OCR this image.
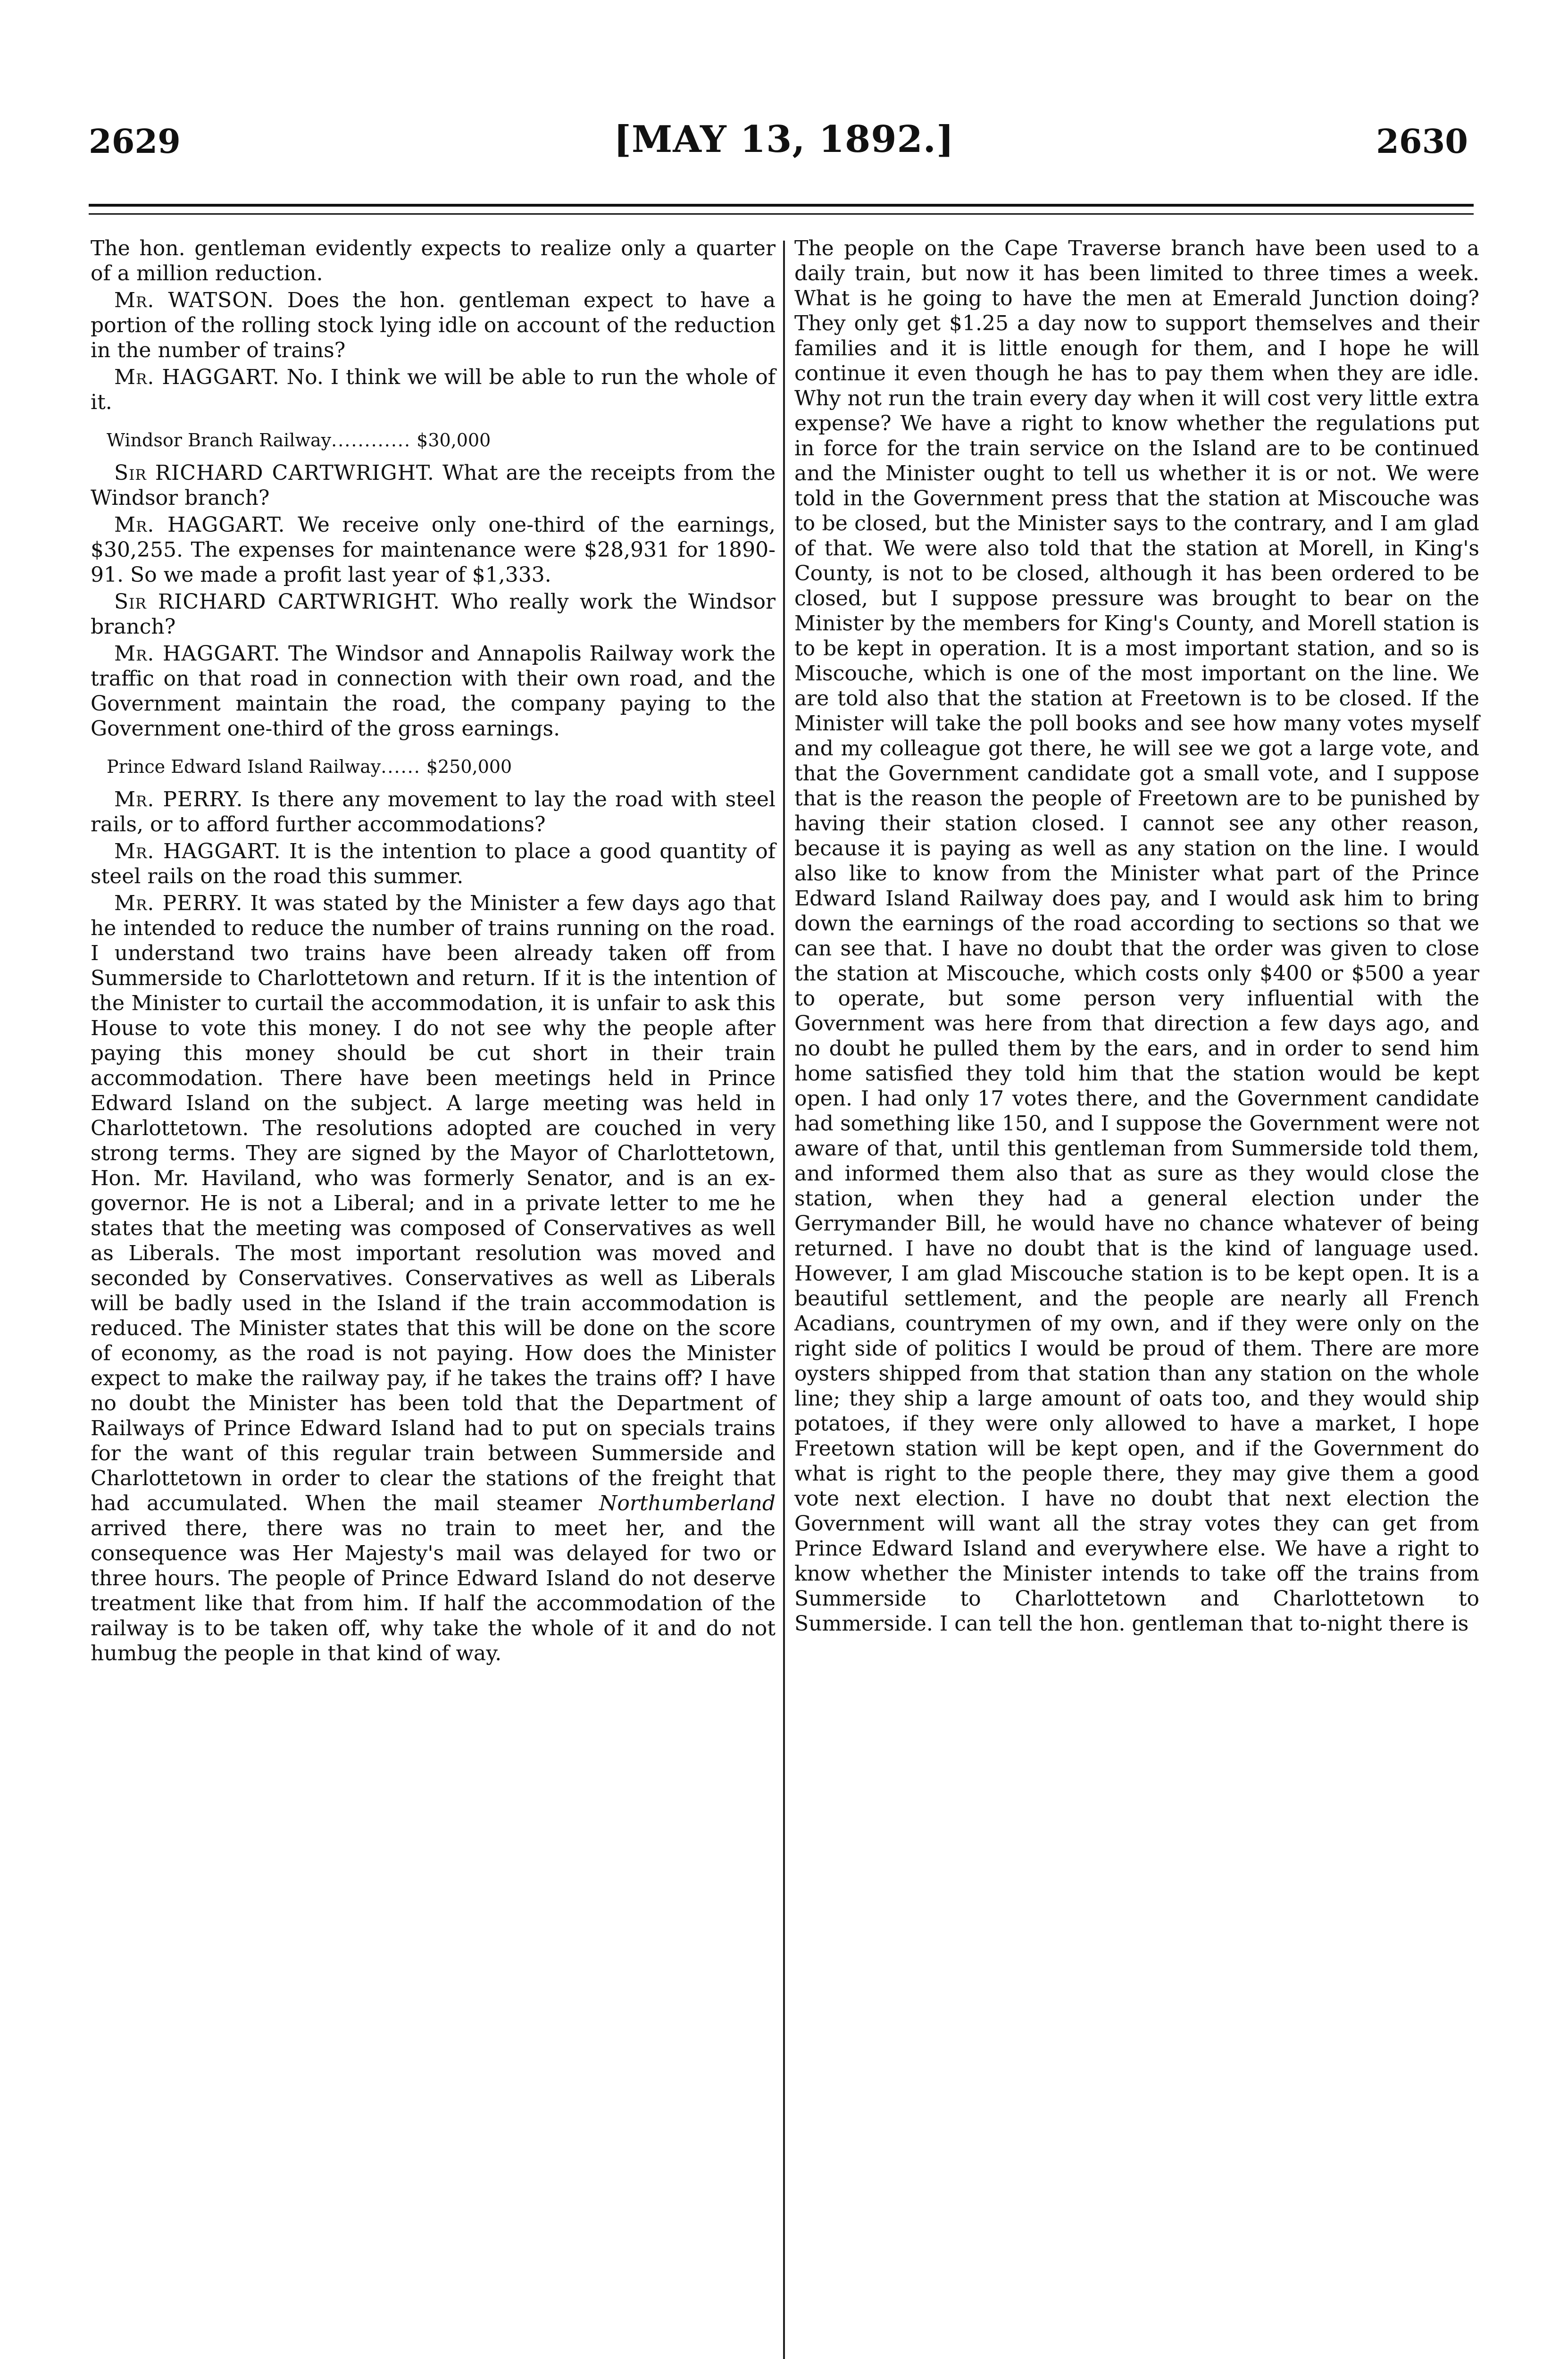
2629	[MAY 13, 1892.]	2630

The hon. gentleman evidently expects to realize only a quarter of a million reduction.

Mr. WATSON. Does the hon. gentleman expect to have a portion of the rolling stock lying idle on account of the reduction in the number of trains?

Mr. HAGGART. No. I think we will be able to run the whole of it.

Windsor Branch Railway............ $30,000

Sir RICHARD CARTWRIGHT. What are the receipts from the Windsor branch?

Mr. HAGGART. We receive only one-third of the earnings, $30,255. The expenses for maintenance were $28,931 for 1890-91. So we made a profit last year of $1,333.

Sir RICHARD CARTWRIGHT. Who really work the Windsor branch?

Mr. HAGGART. The Windsor and Annapolis Railway work the traffic on that road in connection with their own road, and the Government maintain the road, the company paying to the Government one-third of the gross earnings.

Prince Edward Island Railway...... $250,000

Mr. PERRY. Is there any movement to lay the road with steel rails, or to afford further accommodations?

Mr. HAGGART. It is the intention to place a good quantity of steel rails on the road this summer.

Mr. PERRY. It was stated by the Minister a few days ago that he intended to reduce the number of trains running on the road. I understand two trains have been already taken off from Summerside to Charlottetown and return. If it is the intention of the Minister to curtail the accommodation, it is unfair to ask this House to vote this money. I do not see why the people after paying this money should be cut short in their train accommodation. There have been meetings held in Prince Edward Island on the subject. A large meeting was held in Charlottetown. The resolutions adopted are couched in very strong terms. They are signed by the Mayor of Charlottetown, Hon. Mr. Haviland, who was formerly Senator, and is an ex-governor. He is not a Liberal; and in a private letter to me he states that the meeting was composed of Conservatives as well as Liberals. The most important resolution was moved and seconded by Conservatives. Conservatives as well as Liberals will be badly used in the Island if the train accommodation is reduced. The Minister states that this will be done on the score of economy, as the road is not paying. How does the Minister expect to make the railway pay, if he takes the trains off? I have no doubt the Minister has been told that the Department of Railways of Prince Edward Island had to put on specials trains for the want of this regular train between Summerside and Charlottetown in order to clear the stations of the freight that had accumulated. When the mail steamer Northumberland arrived there, there was no train to meet her, and the consequence was Her Majesty's mail was delayed for two or three hours. The people of Prince Edward Island do not deserve treatment like that from him. If half the accommodation of the railway is to be taken off, why take the whole of it and do not humbug the people in that kind of way.

The people on the Cape Traverse branch have been used to a daily train, but now it has been limited to three times a week. What is he going to have the men at Emerald Junction doing? They only get $1.25 a day now to support themselves and their families and it is little enough for them, and I hope he will continue it even though he has to pay them when they are idle. Why not run the train every day when it will cost very little extra expense? We have a right to know whether the regulations put in force for the train service on the Island are to be continued and the Minister ought to tell us whether it is or not. We were told in the Government press that the station at Miscouche was to be closed, but the Minister says to the contrary, and I am glad of that. We were also told that the station at Morell, in King's County, is not to be closed, although it has been ordered to be closed, but I suppose pressure was brought to bear on the Minister by the members for King's County, and Morell station is to be kept in operation. It is a most important station, and so is Miscouche, which is one of the most important on the line. We are told also that the station at Freetown is to be closed. If the Minister will take the poll books and see how many votes myself and my colleague got there, he will see we got a large vote, and that the Government candidate got a small vote, and I suppose that is the reason the people of Freetown are to be punished by having their station closed. I cannot see any other reason, because it is paying as well as any station on the line. I would also like to know from the Minister what part of the Prince Edward Island Railway does pay, and I would ask him to bring down the earnings of the road according to sections so that we can see that. I have no doubt that the order was given to close the station at Miscouche, which costs only $400 or $500 a year to operate, but some person very influential with the Government was here from that direction a few days ago, and no doubt he pulled them by the ears, and in order to send him home satisfied they told him that the station would be kept open. I had only 17 votes there, and the Government candidate had something like 150, and I suppose the Government were not aware of that, until this gentleman from Summerside told them, and informed them also that as sure as they would close the station, when they had a general election under the Gerrymander Bill, he would have no chance whatever of being returned. I have no doubt that is the kind of language used. However, I am glad Miscouche station is to be kept open. It is a beautiful settlement, and the people are nearly all French Acadians, countrymen of my own, and if they were only on the right side of politics I would be proud of them. There are more oysters shipped from that station than any station on the whole line; they ship a large amount of oats too, and they would ship potatoes, if they were only allowed to have a market, I hope Freetown station will be kept open, and if the Government do what is right to the people there, they may give them a good vote next election. I have no doubt that next election the Government will want all the stray votes they can get from Prince Edward Island and everywhere else. We have a right to know whether the Minister intends to take off the trains from Summerside to Charlottetown and Charlottetown to Summerside. I can tell the hon. gentleman that to-night there is
